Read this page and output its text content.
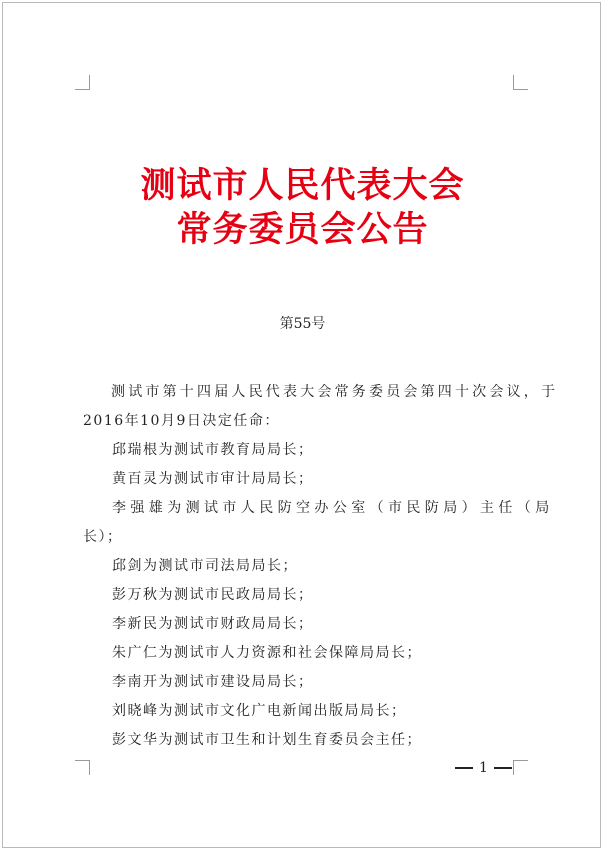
测试市人民代表大会
常务委员会公告
第55号
测试市第十四届人民代表大会常务委员会第四十次会议，于
2016年10月9日决定任命：
邱瑞根为测试市教育局局长；
黄百灵为测试市审计局局长；
李强雄为测试市人民防空办公室（市民防局）主任（局
长）；
邱剑为测试市司法局局长；
彭万秋为测试市民政局局长；
李新民为测试市财政局局长；
朱广仁为测试市人力资源和社会保障局局长；
李南开为测试市建设局局长；
刘晓峰为测试市文化广电新闻出版局局长；
彭文华为测试市卫生和计划生育委员会主任；
1
